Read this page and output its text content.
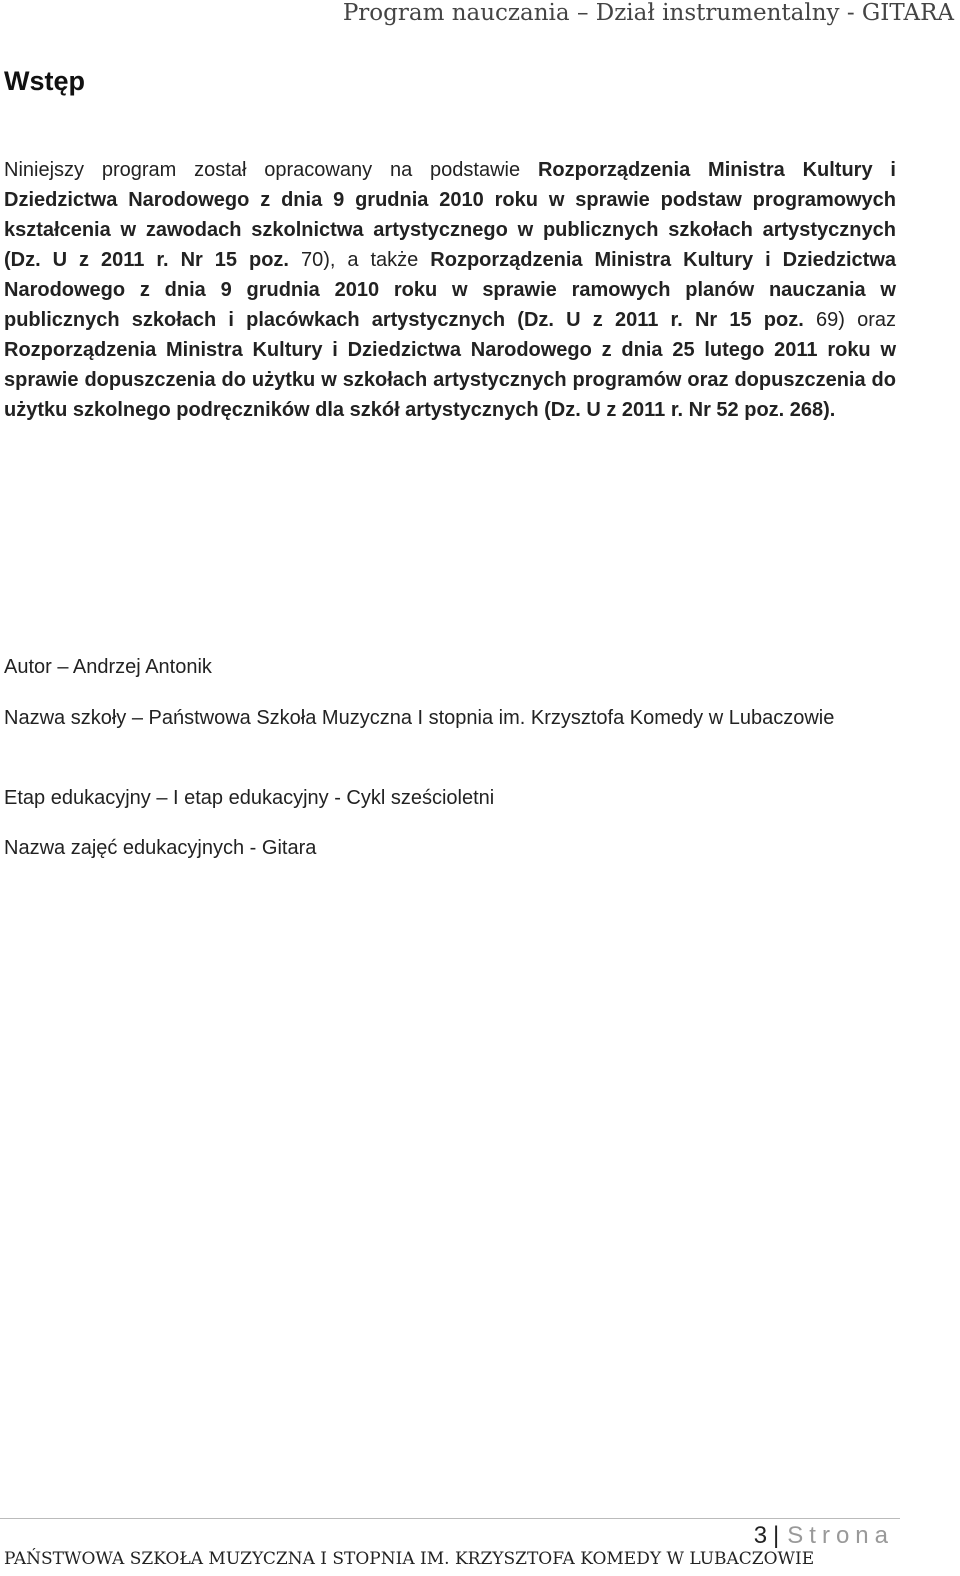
Program nauczania – Dział instrumentalny - GITARA
Wstęp

Niniejszy program został opracowany na podstawie Rozporządzenia Ministra Kultury i Dziedzictwa Narodowego z dnia 9 grudnia 2010 roku w sprawie podstaw programowych kształcenia w zawodach szkolnictwa artystycznego w publicznych szkołach artystycznych (Dz. U z 2011 r. Nr 15 poz. 70), a także Rozporządzenia Ministra Kultury i Dziedzictwa Narodowego z dnia 9 grudnia 2010 roku w sprawie ramowych planów nauczania w publicznych szkołach i placówkach artystycznych (Dz. U z 2011 r. Nr 15 poz. 69) oraz Rozporządzenia Ministra Kultury i Dziedzictwa Narodowego z dnia 25 lutego 2011 roku w sprawie dopuszczenia do użytku w szkołach artystycznych programów oraz dopuszczenia do użytku szkolnego podręczników dla szkół artystycznych (Dz. U z 2011 r. Nr 52 poz. 268).

Autor – Andrzej Antonik

Nazwa szkoły – Państwowa Szkoła Muzyczna I stopnia im. Krzysztofa Komedy w Lubaczowie

Etap edukacyjny – I etap edukacyjny - Cykl sześcioletni

Nazwa zajęć edukacyjnych - Gitara

3 | Strona
PAŃSTWOWA SZKOŁA MUZYCZNA I STOPNIA IM. KRZYSZTOFA KOMEDY W LUBACZOWIE
